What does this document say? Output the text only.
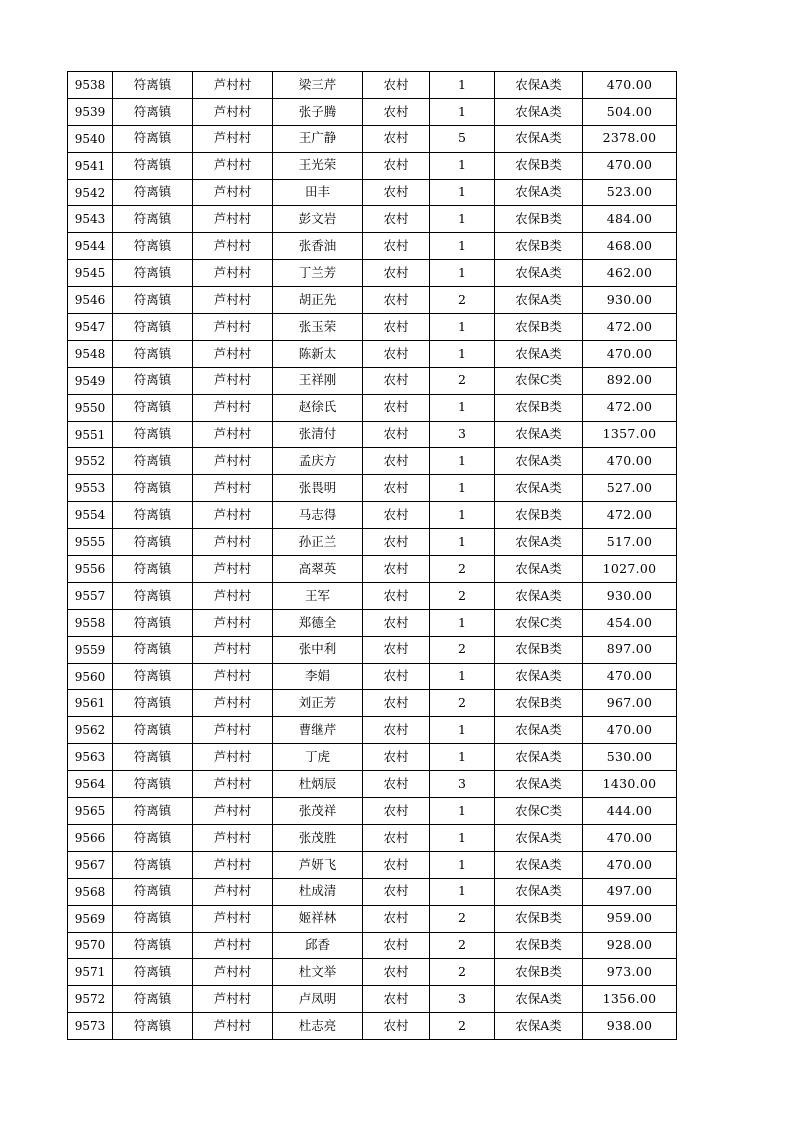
9538	符离镇	芦村村	梁三芹	农村	1	农保A类	470.00
9539	符离镇	芦村村	张子腾	农村	1	农保A类	504.00
9540	符离镇	芦村村	王广静	农村	5	农保A类	2378.00
9541	符离镇	芦村村	王光荣	农村	1	农保B类	470.00
9542	符离镇	芦村村	田丰	农村	1	农保A类	523.00
9543	符离镇	芦村村	彭文岩	农村	1	农保B类	484.00
9544	符离镇	芦村村	张香油	农村	1	农保B类	468.00
9545	符离镇	芦村村	丁兰芳	农村	1	农保A类	462.00
9546	符离镇	芦村村	胡正先	农村	2	农保A类	930.00
9547	符离镇	芦村村	张玉荣	农村	1	农保B类	472.00
9548	符离镇	芦村村	陈新太	农村	1	农保A类	470.00
9549	符离镇	芦村村	王祥刚	农村	2	农保C类	892.00
9550	符离镇	芦村村	赵徐氏	农村	1	农保B类	472.00
9551	符离镇	芦村村	张清付	农村	3	农保A类	1357.00
9552	符离镇	芦村村	孟庆方	农村	1	农保A类	470.00
9553	符离镇	芦村村	张畏明	农村	1	农保A类	527.00
9554	符离镇	芦村村	马志得	农村	1	农保B类	472.00
9555	符离镇	芦村村	孙正兰	农村	1	农保A类	517.00
9556	符离镇	芦村村	高翠英	农村	2	农保A类	1027.00
9557	符离镇	芦村村	王军	农村	2	农保A类	930.00
9558	符离镇	芦村村	郑德全	农村	1	农保C类	454.00
9559	符离镇	芦村村	张中利	农村	2	农保B类	897.00
9560	符离镇	芦村村	李娟	农村	1	农保A类	470.00
9561	符离镇	芦村村	刘正芳	农村	2	农保B类	967.00
9562	符离镇	芦村村	曹继芹	农村	1	农保A类	470.00
9563	符离镇	芦村村	丁虎	农村	1	农保A类	530.00
9564	符离镇	芦村村	杜炳辰	农村	3	农保A类	1430.00
9565	符离镇	芦村村	张茂祥	农村	1	农保C类	444.00
9566	符离镇	芦村村	张茂胜	农村	1	农保A类	470.00
9567	符离镇	芦村村	芦妍飞	农村	1	农保A类	470.00
9568	符离镇	芦村村	杜成清	农村	1	农保A类	497.00
9569	符离镇	芦村村	姬祥林	农村	2	农保B类	959.00
9570	符离镇	芦村村	邱香	农村	2	农保B类	928.00
9571	符离镇	芦村村	杜文举	农村	2	农保B类	973.00
9572	符离镇	芦村村	卢凤明	农村	3	农保A类	1356.00
9573	符离镇	芦村村	杜志亮	农村	2	农保A类	938.00
